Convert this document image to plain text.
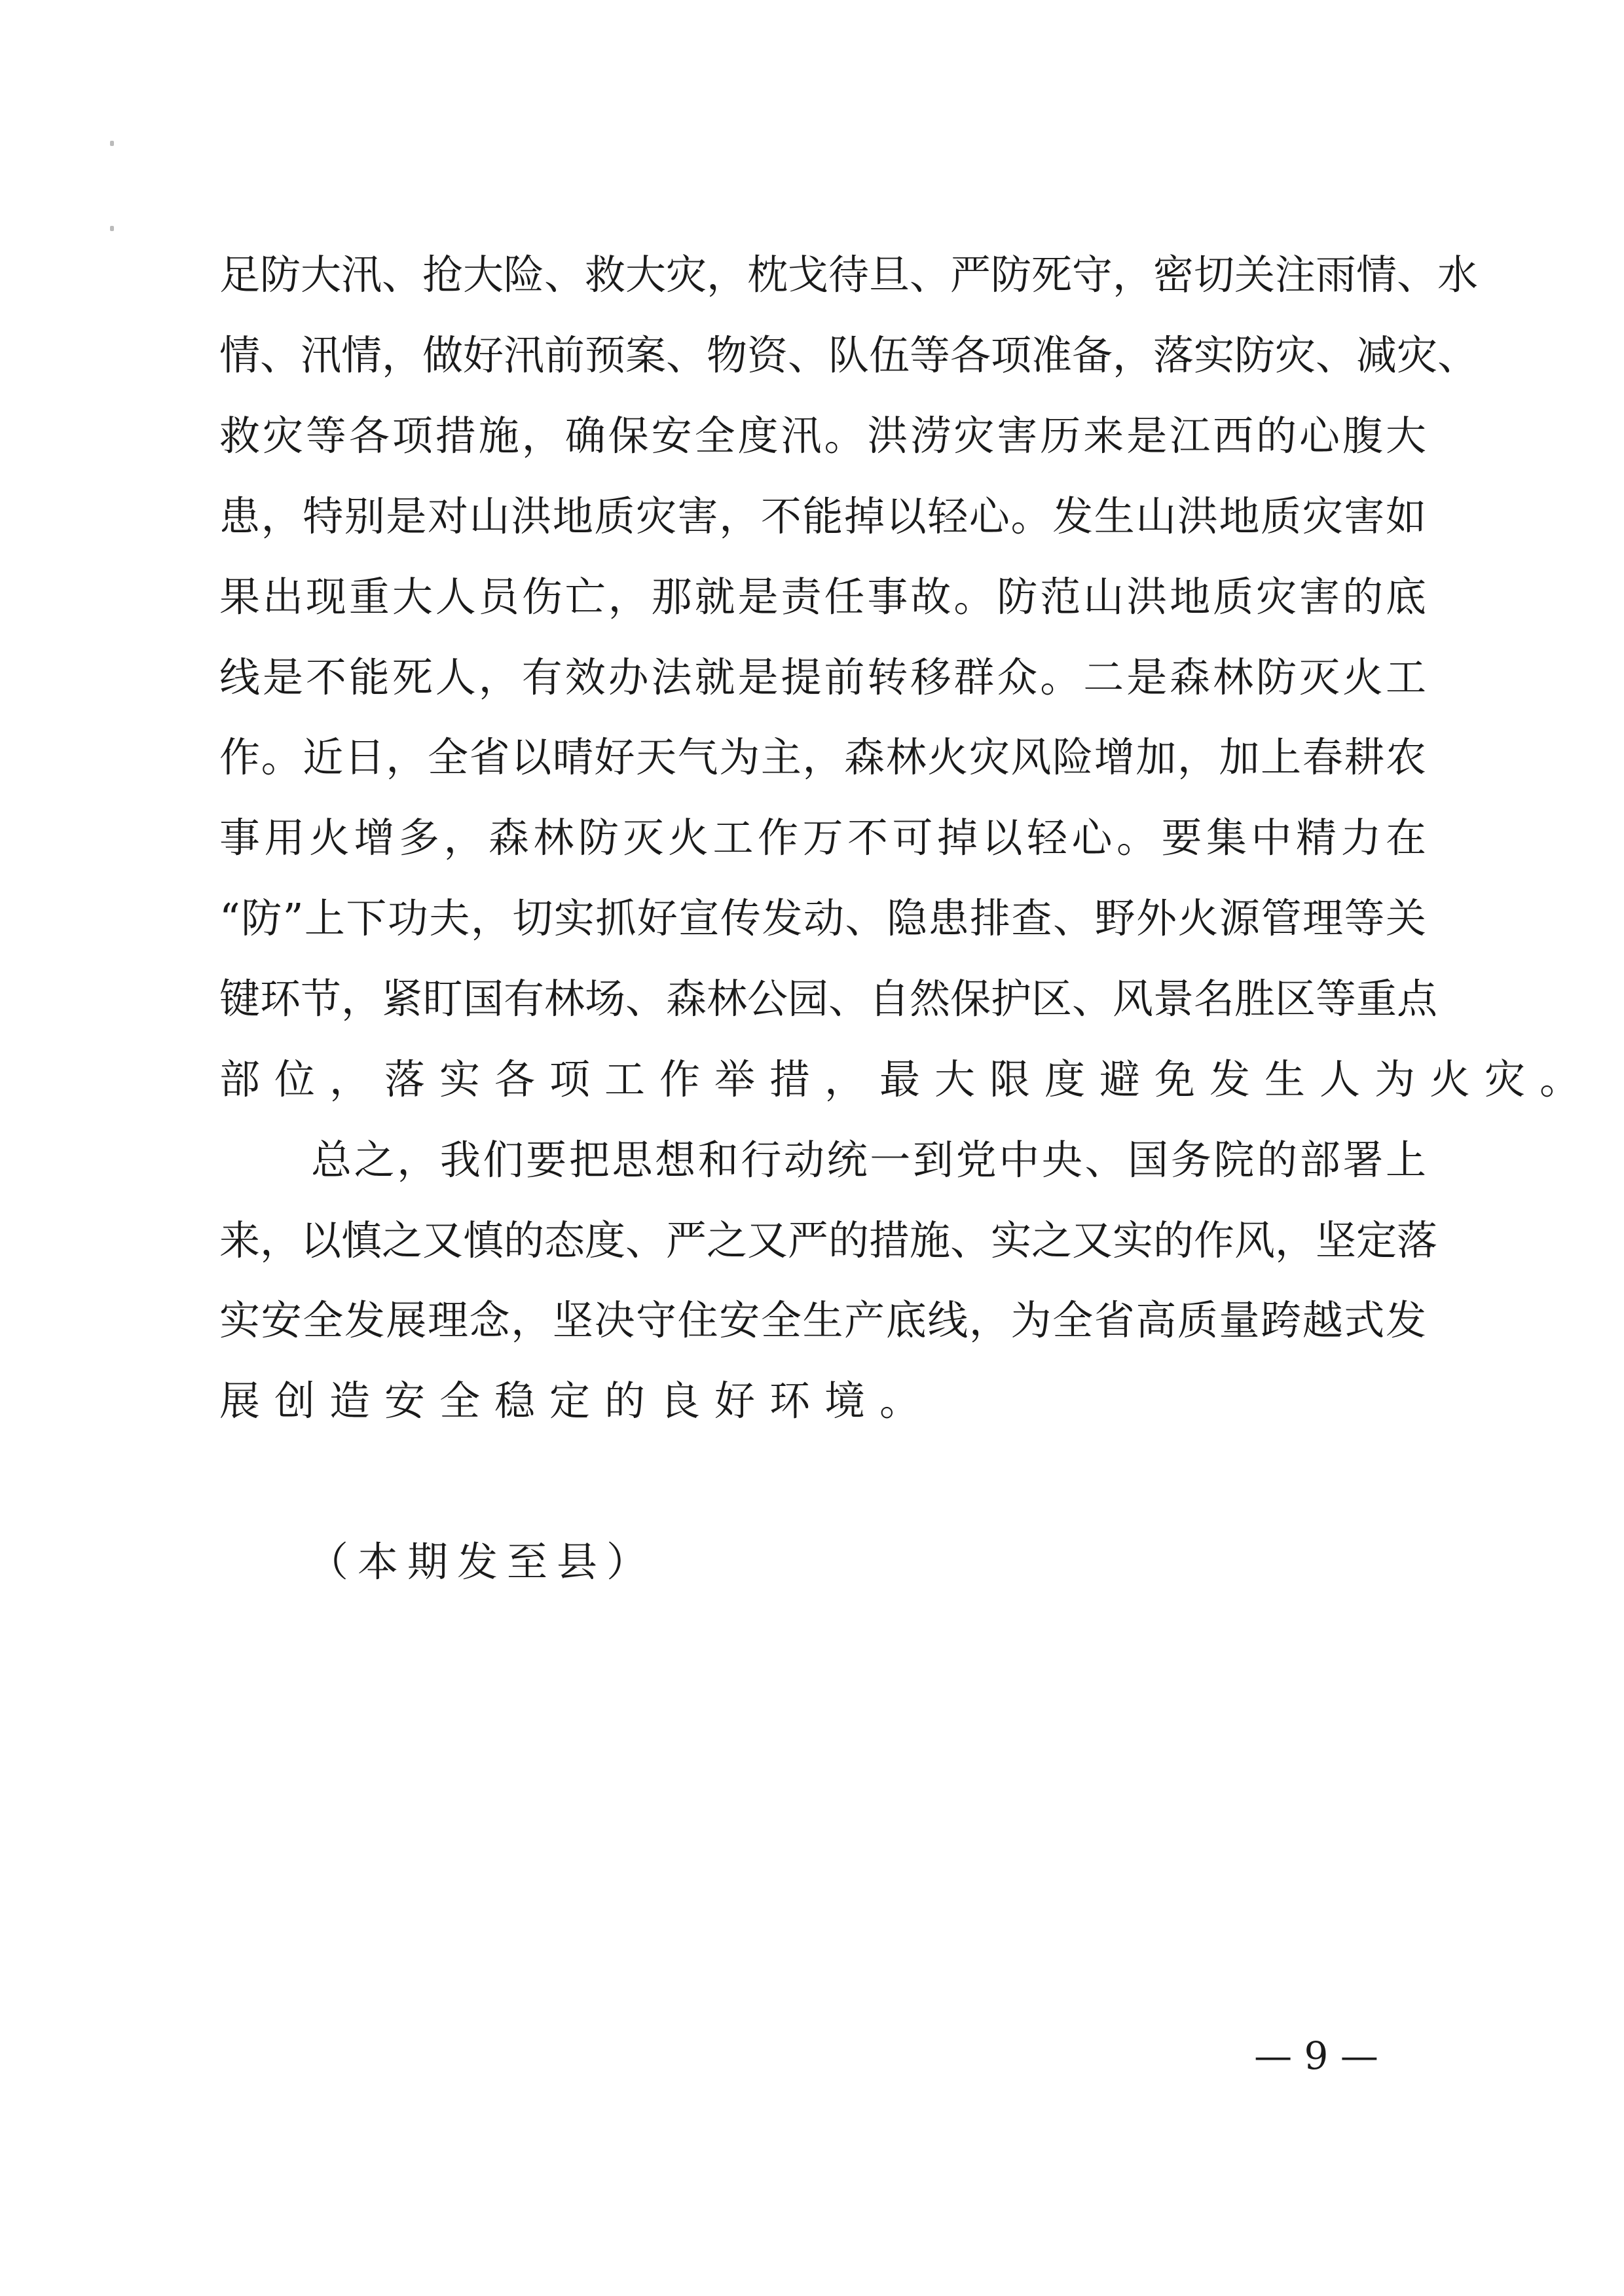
足防大汛、抢大险、救大灾，枕戈待旦、严防死守，密切关注雨情、水
情、汛情，做好汛前预案、物资、队伍等各项准备，落实防灾、减灾、
救灾等各项措施，确保安全度汛。洪涝灾害历来是江西的心腹大
患，特别是对山洪地质灾害，不能掉以轻心。发生山洪地质灾害如
果出现重大人员伤亡，那就是责任事故。防范山洪地质灾害的底
线是不能死人，有效办法就是提前转移群众。二是森林防灭火工
作。近日，全省以晴好天气为主，森林火灾风险增加，加上春耕农
事用火增多，森林防灭火工作万不可掉以轻心。要集中精力在
“防”上下功夫，切实抓好宣传发动、隐患排查、野外火源管理等关
键环节，紧盯国有林场、森林公园、自然保护区、风景名胜区等重点
部位，落实各项工作举措，最大限度避免发生人为火灾。
总之，我们要把思想和行动统一到党中央、国务院的部署上
来，以慎之又慎的态度、严之又严的措施、实之又实的作风，坚定落
实安全发展理念，坚决守住安全生产底线，为全省高质量跨越式发
展创造安全稳定的良好环境。
（本期发至县）
— 9 —
